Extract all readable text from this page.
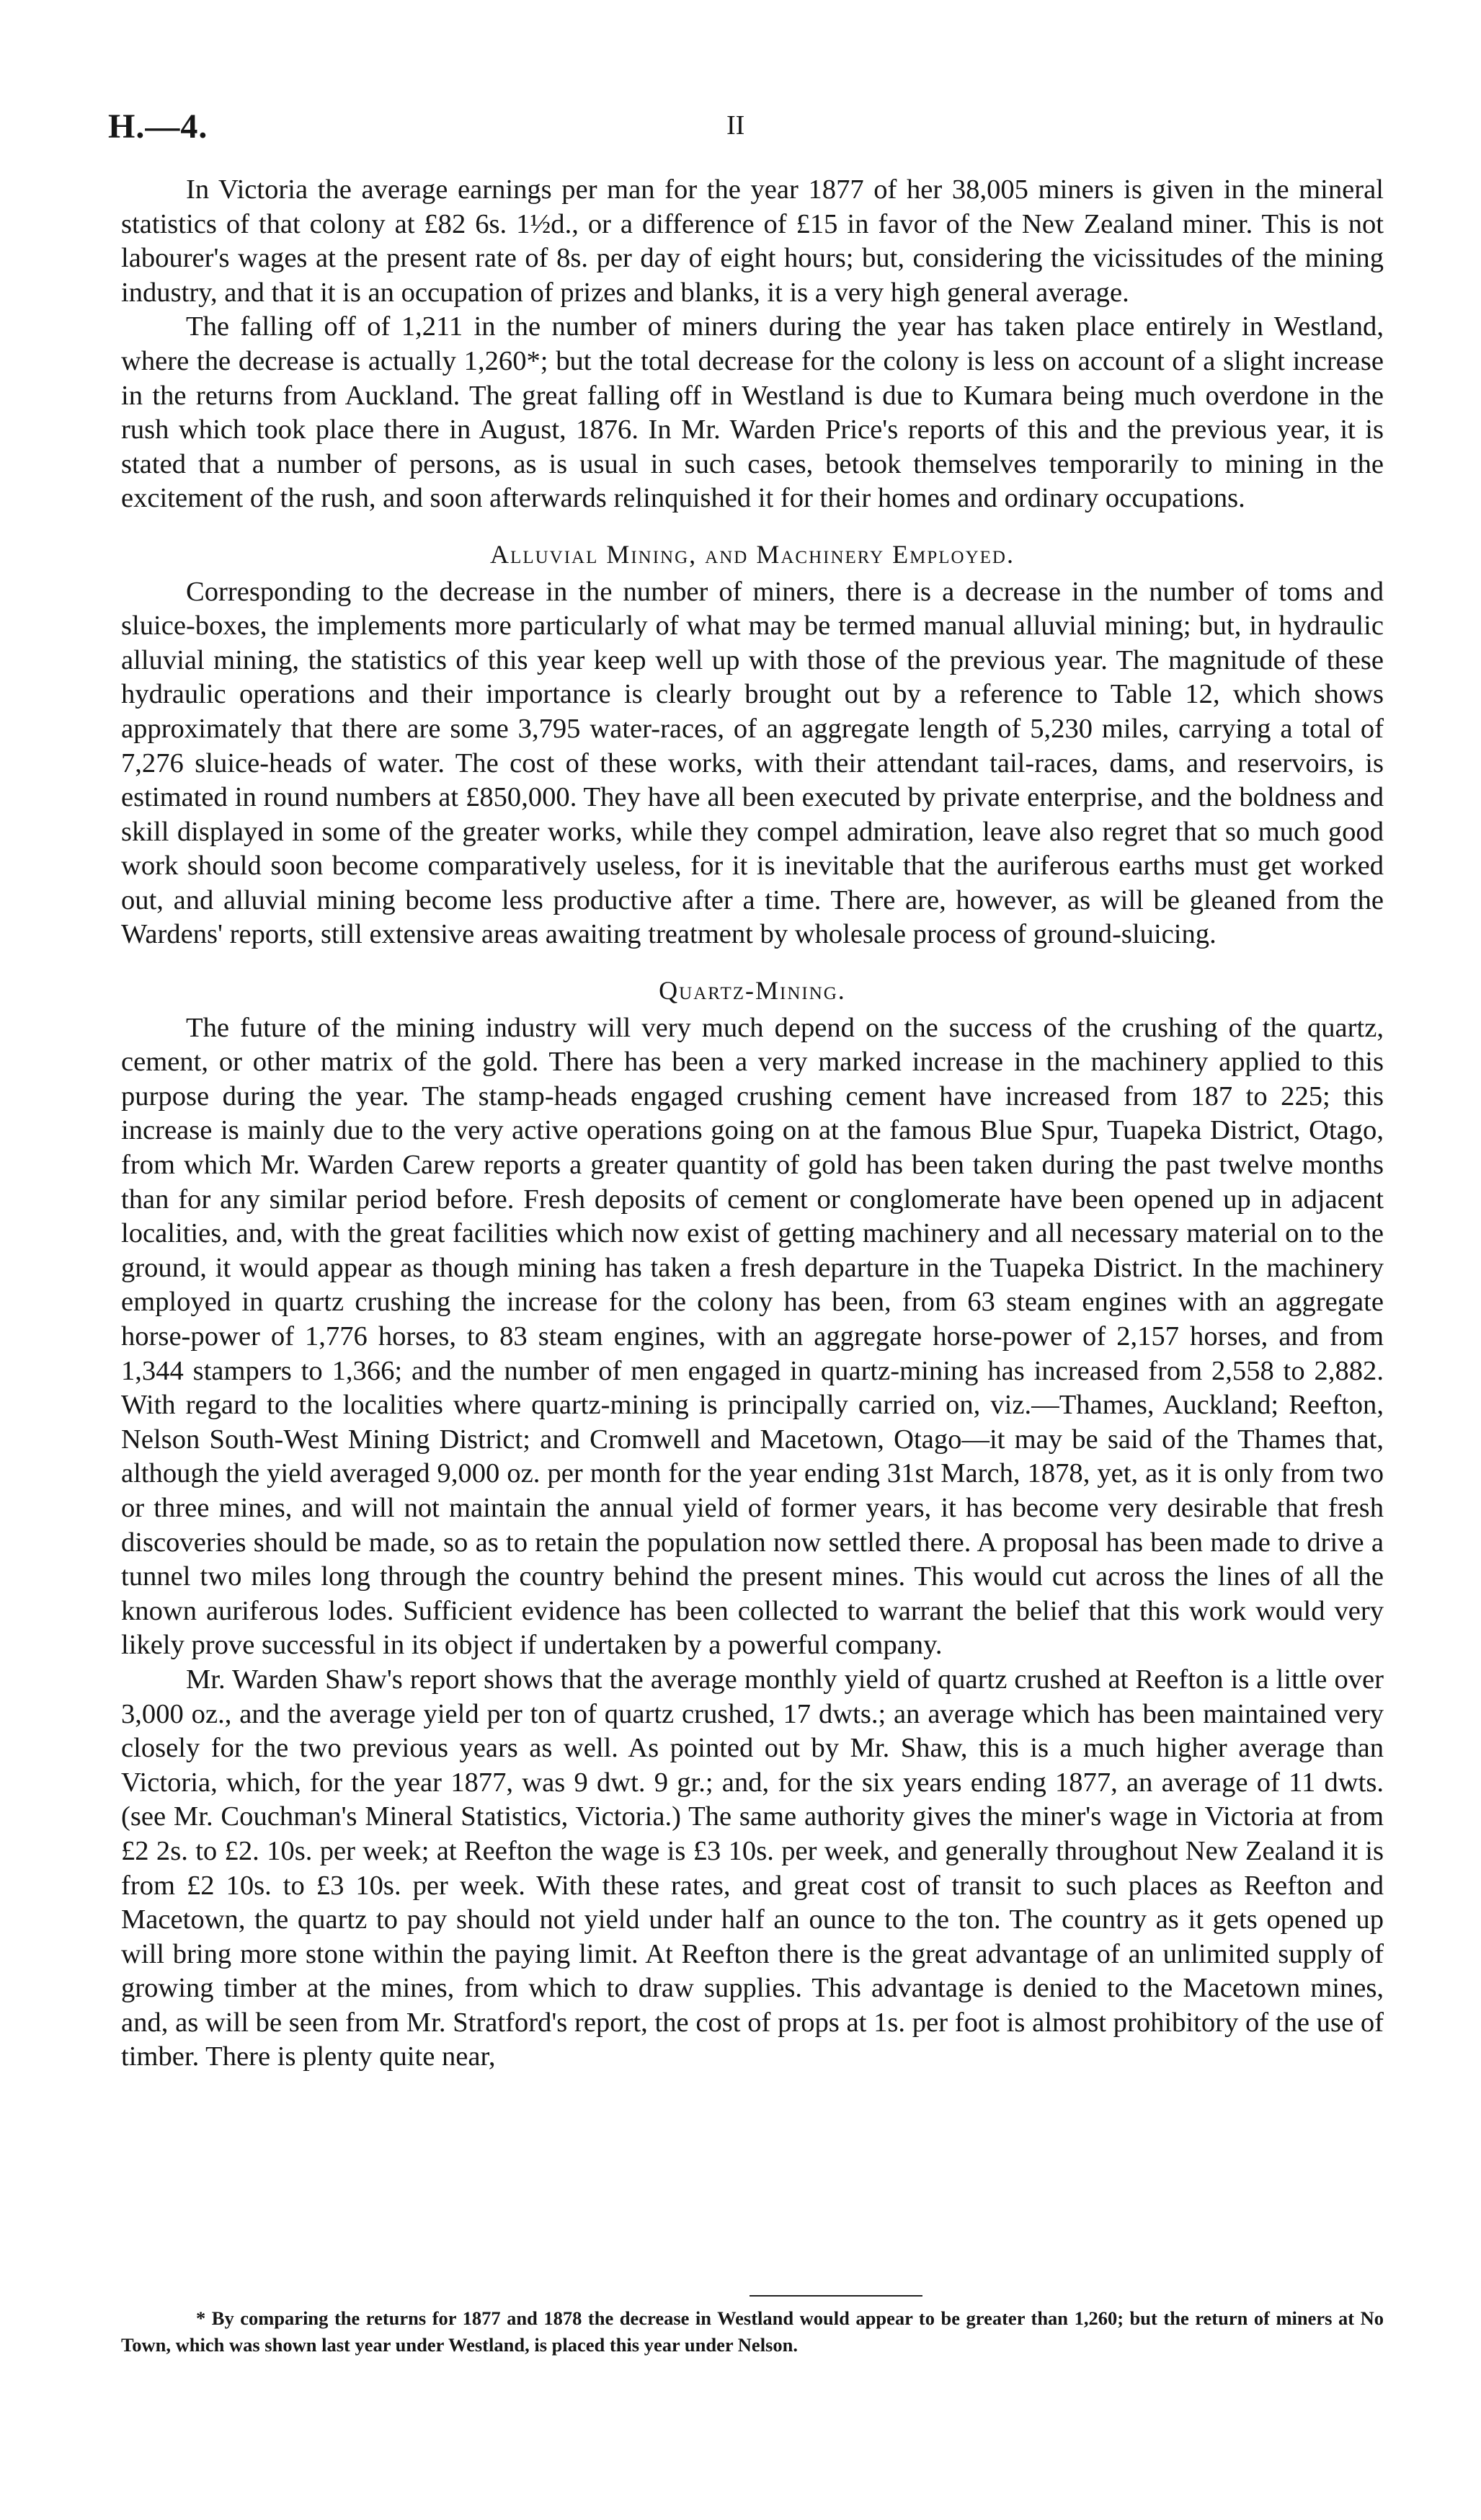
H.—4.	II

In Victoria the average earnings per man for the year 1877 of her 38,005 miners is given in the mineral statistics of that colony at £82 6s. 1½d., or a difference of £15 in favor of the New Zealand miner. This is not labourer's wages at the present rate of 8s. per day of eight hours; but, considering the vicissitudes of the mining industry, and that it is an occupation of prizes and blanks, it is a very high general average.

The falling off of 1,211 in the number of miners during the year has taken place entirely in Westland, where the decrease is actually 1,260*; but the total decrease for the colony is less on account of a slight increase in the returns from Auckland. The great falling off in Westland is due to Kumara being much overdone in the rush which took place there in August, 1876. In Mr. Warden Price's reports of this and the previous year, it is stated that a number of persons, as is usual in such cases, betook themselves temporarily to mining in the excitement of the rush, and soon afterwards relinquished it for their homes and ordinary occupations.

Alluvial Mining, and Machinery Employed.

Corresponding to the decrease in the number of miners, there is a decrease in the number of toms and sluice-boxes, the implements more particularly of what may be termed manual alluvial mining; but, in hydraulic alluvial mining, the statistics of this year keep well up with those of the previous year. The magnitude of these hydraulic operations and their importance is clearly brought out by a reference to Table 12, which shows approximately that there are some 3,795 water-races, of an aggregate length of 5,230 miles, carrying a total of 7,276 sluice-heads of water. The cost of these works, with their attendant tail-races, dams, and reservoirs, is estimated in round numbers at £850,000. They have all been executed by private enterprise, and the boldness and skill displayed in some of the greater works, while they compel admiration, leave also regret that so much good work should soon become comparatively useless, for it is inevitable that the auriferous earths must get worked out, and alluvial mining become less productive after a time. There are, however, as will be gleaned from the Wardens' reports, still extensive areas awaiting treatment by wholesale process of ground-sluicing.

Quartz-Mining.

The future of the mining industry will very much depend on the success of the crushing of the quartz, cement, or other matrix of the gold. There has been a very marked increase in the machinery applied to this purpose during the year. The stamp-heads engaged crushing cement have increased from 187 to 225; this increase is mainly due to the very active operations going on at the famous Blue Spur, Tuapeka District, Otago, from which Mr. Warden Carew reports a greater quantity of gold has been taken during the past twelve months than for any similar period before. Fresh deposits of cement or conglomerate have been opened up in adjacent localities, and, with the great facilities which now exist of getting machinery and all necessary material on to the ground, it would appear as though mining has taken a fresh departure in the Tuapeka District. In the machinery employed in quartz crushing the increase for the colony has been, from 63 steam engines with an aggregate horse-power of 1,776 horses, to 83 steam engines, with an aggregate horse-power of 2,157 horses, and from 1,344 stampers to 1,366; and the number of men engaged in quartz-mining has increased from 2,558 to 2,882. With regard to the localities where quartz-mining is principally carried on, viz.—Thames, Auckland; Reefton, Nelson South-West Mining District; and Cromwell and Macetown, Otago—it may be said of the Thames that, although the yield averaged 9,000 oz. per month for the year ending 31st March, 1878, yet, as it is only from two or three mines, and will not maintain the annual yield of former years, it has become very desirable that fresh discoveries should be made, so as to retain the population now settled there. A proposal has been made to drive a tunnel two miles long through the country behind the present mines. This would cut across the lines of all the known auriferous lodes. Sufficient evidence has been collected to warrant the belief that this work would very likely prove successful in its object if undertaken by a powerful company.

Mr. Warden Shaw's report shows that the average monthly yield of quartz crushed at Reefton is a little over 3,000 oz., and the average yield per ton of quartz crushed, 17 dwts.; an average which has been maintained very closely for the two previous years as well. As pointed out by Mr. Shaw, this is a much higher average than Victoria, which, for the year 1877, was 9 dwt. 9 gr.; and, for the six years ending 1877, an average of 11 dwts. (see Mr. Couchman's Mineral Statistics, Victoria.) The same authority gives the miner's wage in Victoria at from £2 2s. to £2. 10s. per week; at Reefton the wage is £3 10s. per week, and generally throughout New Zealand it is from £2 10s. to £3 10s. per week. With these rates, and great cost of transit to such places as Reefton and Macetown, the quartz to pay should not yield under half an ounce to the ton. The country as it gets opened up will bring more stone within the paying limit. At Reefton there is the great advantage of an unlimited supply of growing timber at the mines, from which to draw supplies. This advantage is denied to the Macetown mines, and, as will be seen from Mr. Stratford's report, the cost of props at 1s. per foot is almost prohibitory of the use of timber. There is plenty quite near,

* By comparing the returns for 1877 and 1878 the decrease in Westland would appear to be greater than 1,260; but the return of miners at No Town, which was shown last year under Westland, is placed this year under Nelson.
